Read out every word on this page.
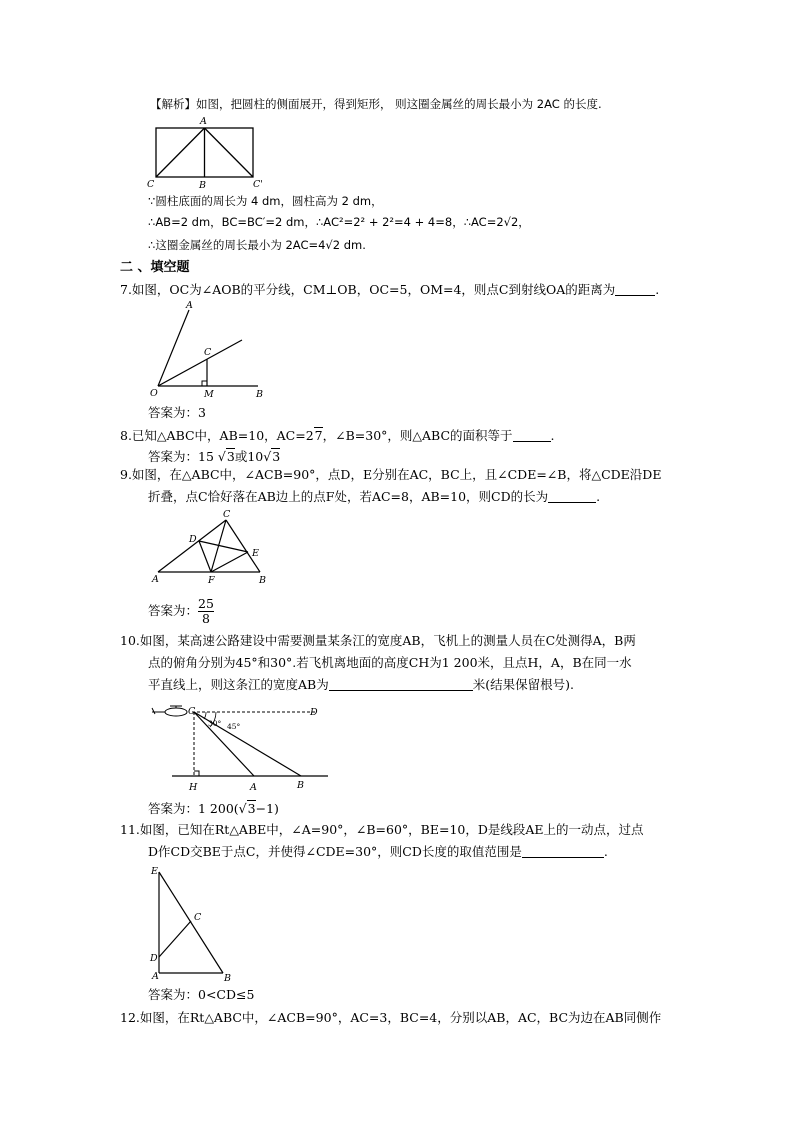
【解析】如图，把圆柱的侧面展开，得到矩形， 则这圈金属丝的周长最小为 2AC 的长度.
A
C	B	C'
∵圆柱底面的周长为 4 dm，圆柱高为 2 dm，
∴AB=2 dm，BC=BC′=2 dm，∴AC²=2² + 2²=4 + 4=8，∴AC=2√2，
∴这圈金属丝的周长最小为 2AC=4√2 dm.
二 、填空题
7.如图，OC为∠AOB的平分线，CM⊥OB，OC=5，OM=4，则点C到射线OA的距离为	.
A
C
O	M	B
答案为：3
8.已知△ABC中，AB=10，AC=27，∠B=30°，则△ABC的面积等于	.
答案为：15 √3或10√3
9.如图，在△ABC中，∠ACB=90°，点D，E分别在AC，BC上，且∠CDE=∠B，将△CDE沿DE
折叠，点C恰好落在AB边上的点F处，若AC=8，AB=10，则CD的长为	.
C
D
E
A	F	B
答案为： $\frac{25}{8}$
10.如图，某高速公路建设中需要测量某条江的宽度AB，飞机上的测量人员在C处测得A，B两
点的俯角分别为45°和30°.若飞机离地面的高度CH为1 200米，且点H，A，B在同一水
平直线上，则这条江的宽度AB为	米(结果保留根号).
C	D
30° 45°
H	A	B
答案为：1 200(√3−1)
11.如图，已知在Rt△ABE中，∠A=90°，∠B=60°，BE=10，D是线段AE上的一动点，过点
D作CD交BE于点C，并使得∠CDE=30°，则CD长度的取值范围是	.
E
C
D
A	B
答案为：0<CD≤5
12.如图，在Rt△ABC中，∠ACB=90°，AC=3，BC=4，分别以AB，AC，BC为边在AB同侧作
